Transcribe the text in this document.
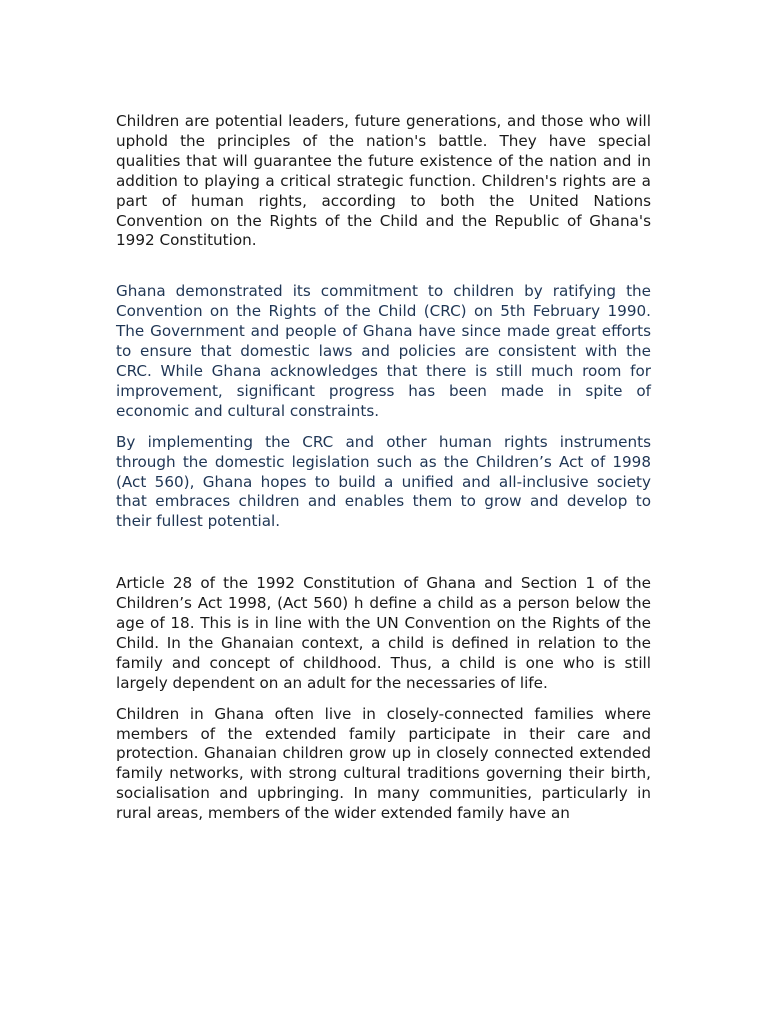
Children are potential leaders, future generations, and those who will uphold the principles of the nation's battle. They have special qualities that will guarantee the future existence of the nation and in addition to playing a critical strategic function. Children's rights are a part of human rights, according to both the United Nations Convention on the Rights of the Child and the Republic of Ghana's 1992 Constitution.

Ghana demonstrated its commitment to children by ratifying the Convention on the Rights of the Child (CRC) on 5th February 1990. The Government and people of Ghana have since made great efforts to ensure that domestic laws and policies are consistent with the CRC. While Ghana acknowledges that there is still much room for improvement, significant progress has been made in spite of economic and cultural constraints.

By implementing the CRC and other human rights instruments through the domestic legislation such as the Children’s Act of 1998 (Act 560), Ghana hopes to build a unified and all-inclusive society that embraces children and enables them to grow and develop to their fullest potential.

Article 28 of the 1992 Constitution of Ghana and Section 1 of the Children’s Act 1998, (Act 560) h define a child as a person below the age of 18. This is in line with the UN Convention on the Rights of the Child. In the Ghanaian context, a child is defined in relation to the family and concept of childhood. Thus, a child is one who is still largely dependent on an adult for the necessaries of life.

Children in Ghana often live in closely-connected families where members of the extended family participate in their care and protection. Ghanaian children grow up in closely connected extended family networks, with strong cultural traditions governing their birth, socialisation and upbringing. In many communities, particularly in rural areas, members of the wider extended family have an
